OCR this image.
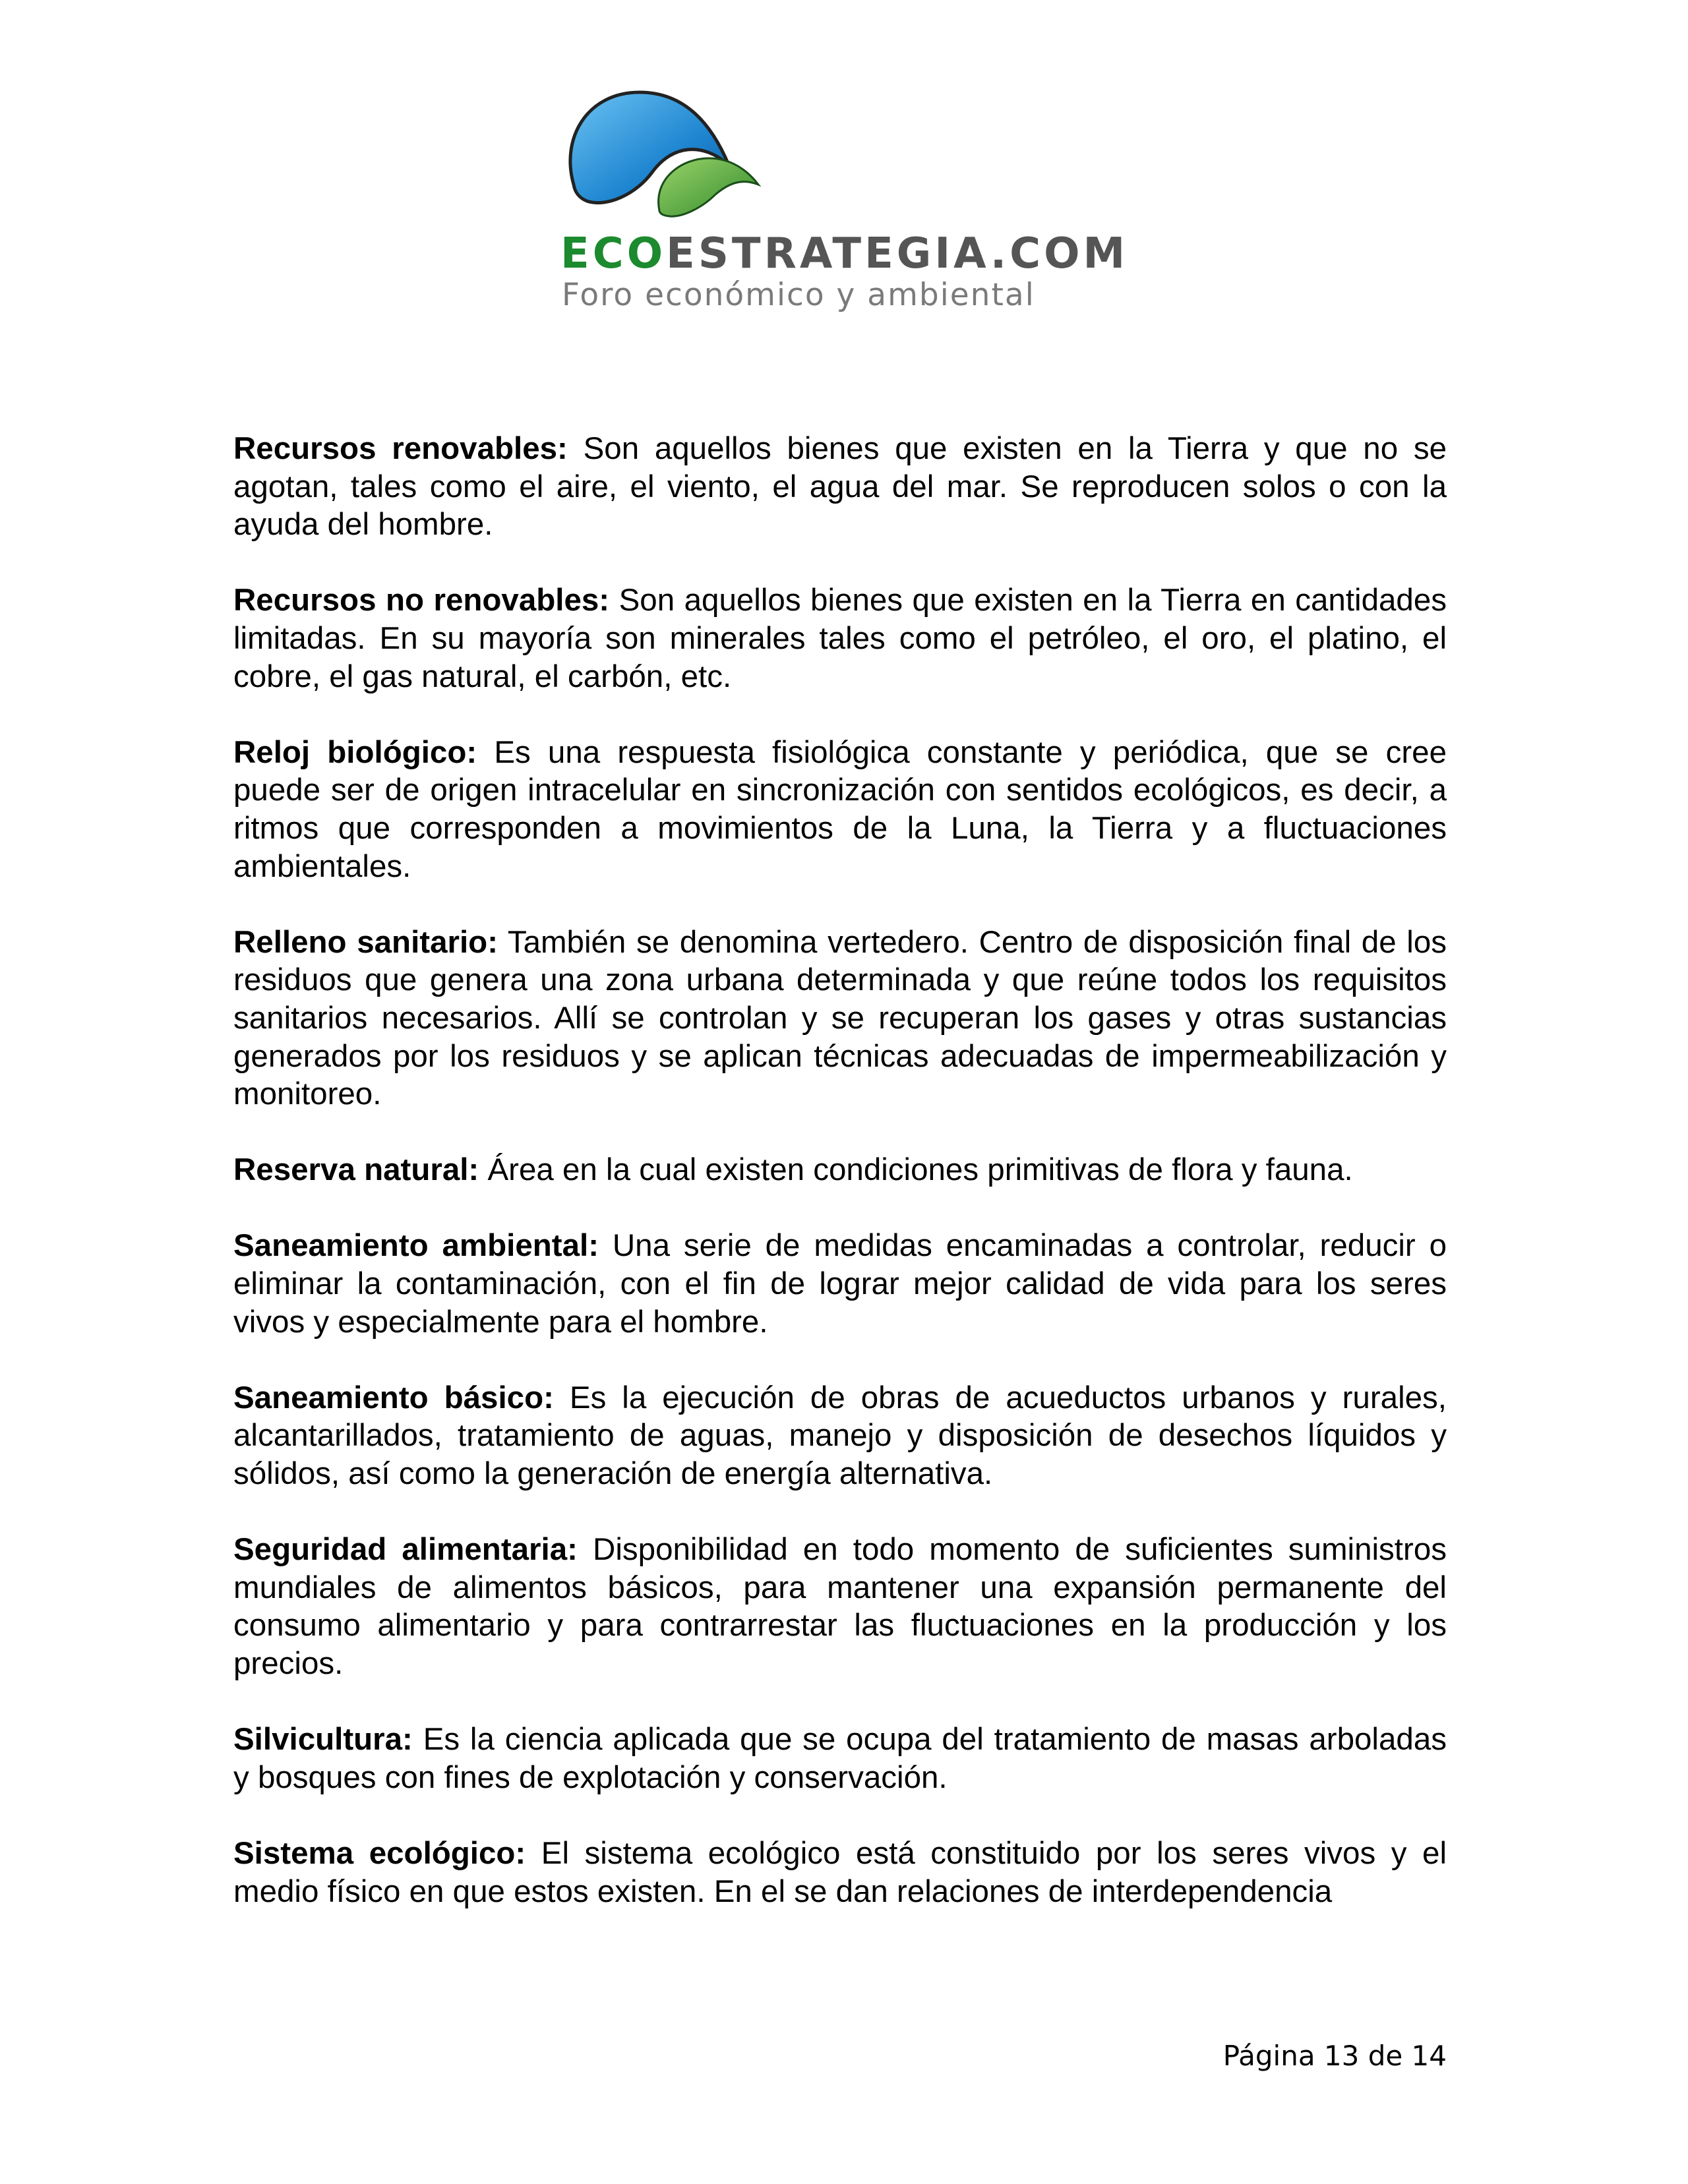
ECOESTRATEGIA.COM
Foro económico y ambiental

Recursos renovables: Son aquellos bienes que existen en la Tierra y que no se agotan, tales como el aire, el viento, el agua del mar. Se reproducen solos o con la ayuda del hombre.

Recursos no renovables: Son aquellos bienes que existen en la Tierra en cantidades limitadas. En su mayoría son minerales tales como el petróleo, el oro, el platino, el cobre, el gas natural, el carbón, etc.

Reloj biológico: Es una respuesta fisiológica constante y periódica, que se cree puede ser de origen intracelular en sincronización con sentidos ecológicos, es decir, a ritmos que corresponden a movimientos de la Luna, la Tierra y a fluctuaciones ambientales.

Relleno sanitario: También se denomina vertedero. Centro de disposición final de los residuos que genera una zona urbana determinada y que reúne todos los requisitos sanitarios necesarios. Allí se controlan y se recuperan los gases y otras sustancias generados por los residuos y se aplican técnicas adecuadas de impermeabilización y monitoreo.

Reserva natural: Área en la cual existen condiciones primitivas de flora y fauna.

Saneamiento ambiental: Una serie de medidas encaminadas a controlar, reducir o eliminar la contaminación, con el fin de lograr mejor calidad de vida para los seres vivos y especialmente para el hombre.

Saneamiento básico: Es la ejecución de obras de acueductos urbanos y rurales, alcantarillados, tratamiento de aguas, manejo y disposición de desechos líquidos y sólidos, así como la generación de energía alternativa.

Seguridad alimentaria: Disponibilidad en todo momento de suficientes suministros mundiales de alimentos básicos, para mantener una expansión permanente del consumo alimentario y para contrarrestar las fluctuaciones en la producción y los precios.

Silvicultura: Es la ciencia aplicada que se ocupa del tratamiento de masas arboladas y bosques con fines de explotación y conservación.

Sistema ecológico: El sistema ecológico está constituido por los seres vivos y el medio físico en que estos existen. En el se dan relaciones de interdependencia

Página 13 de 14
